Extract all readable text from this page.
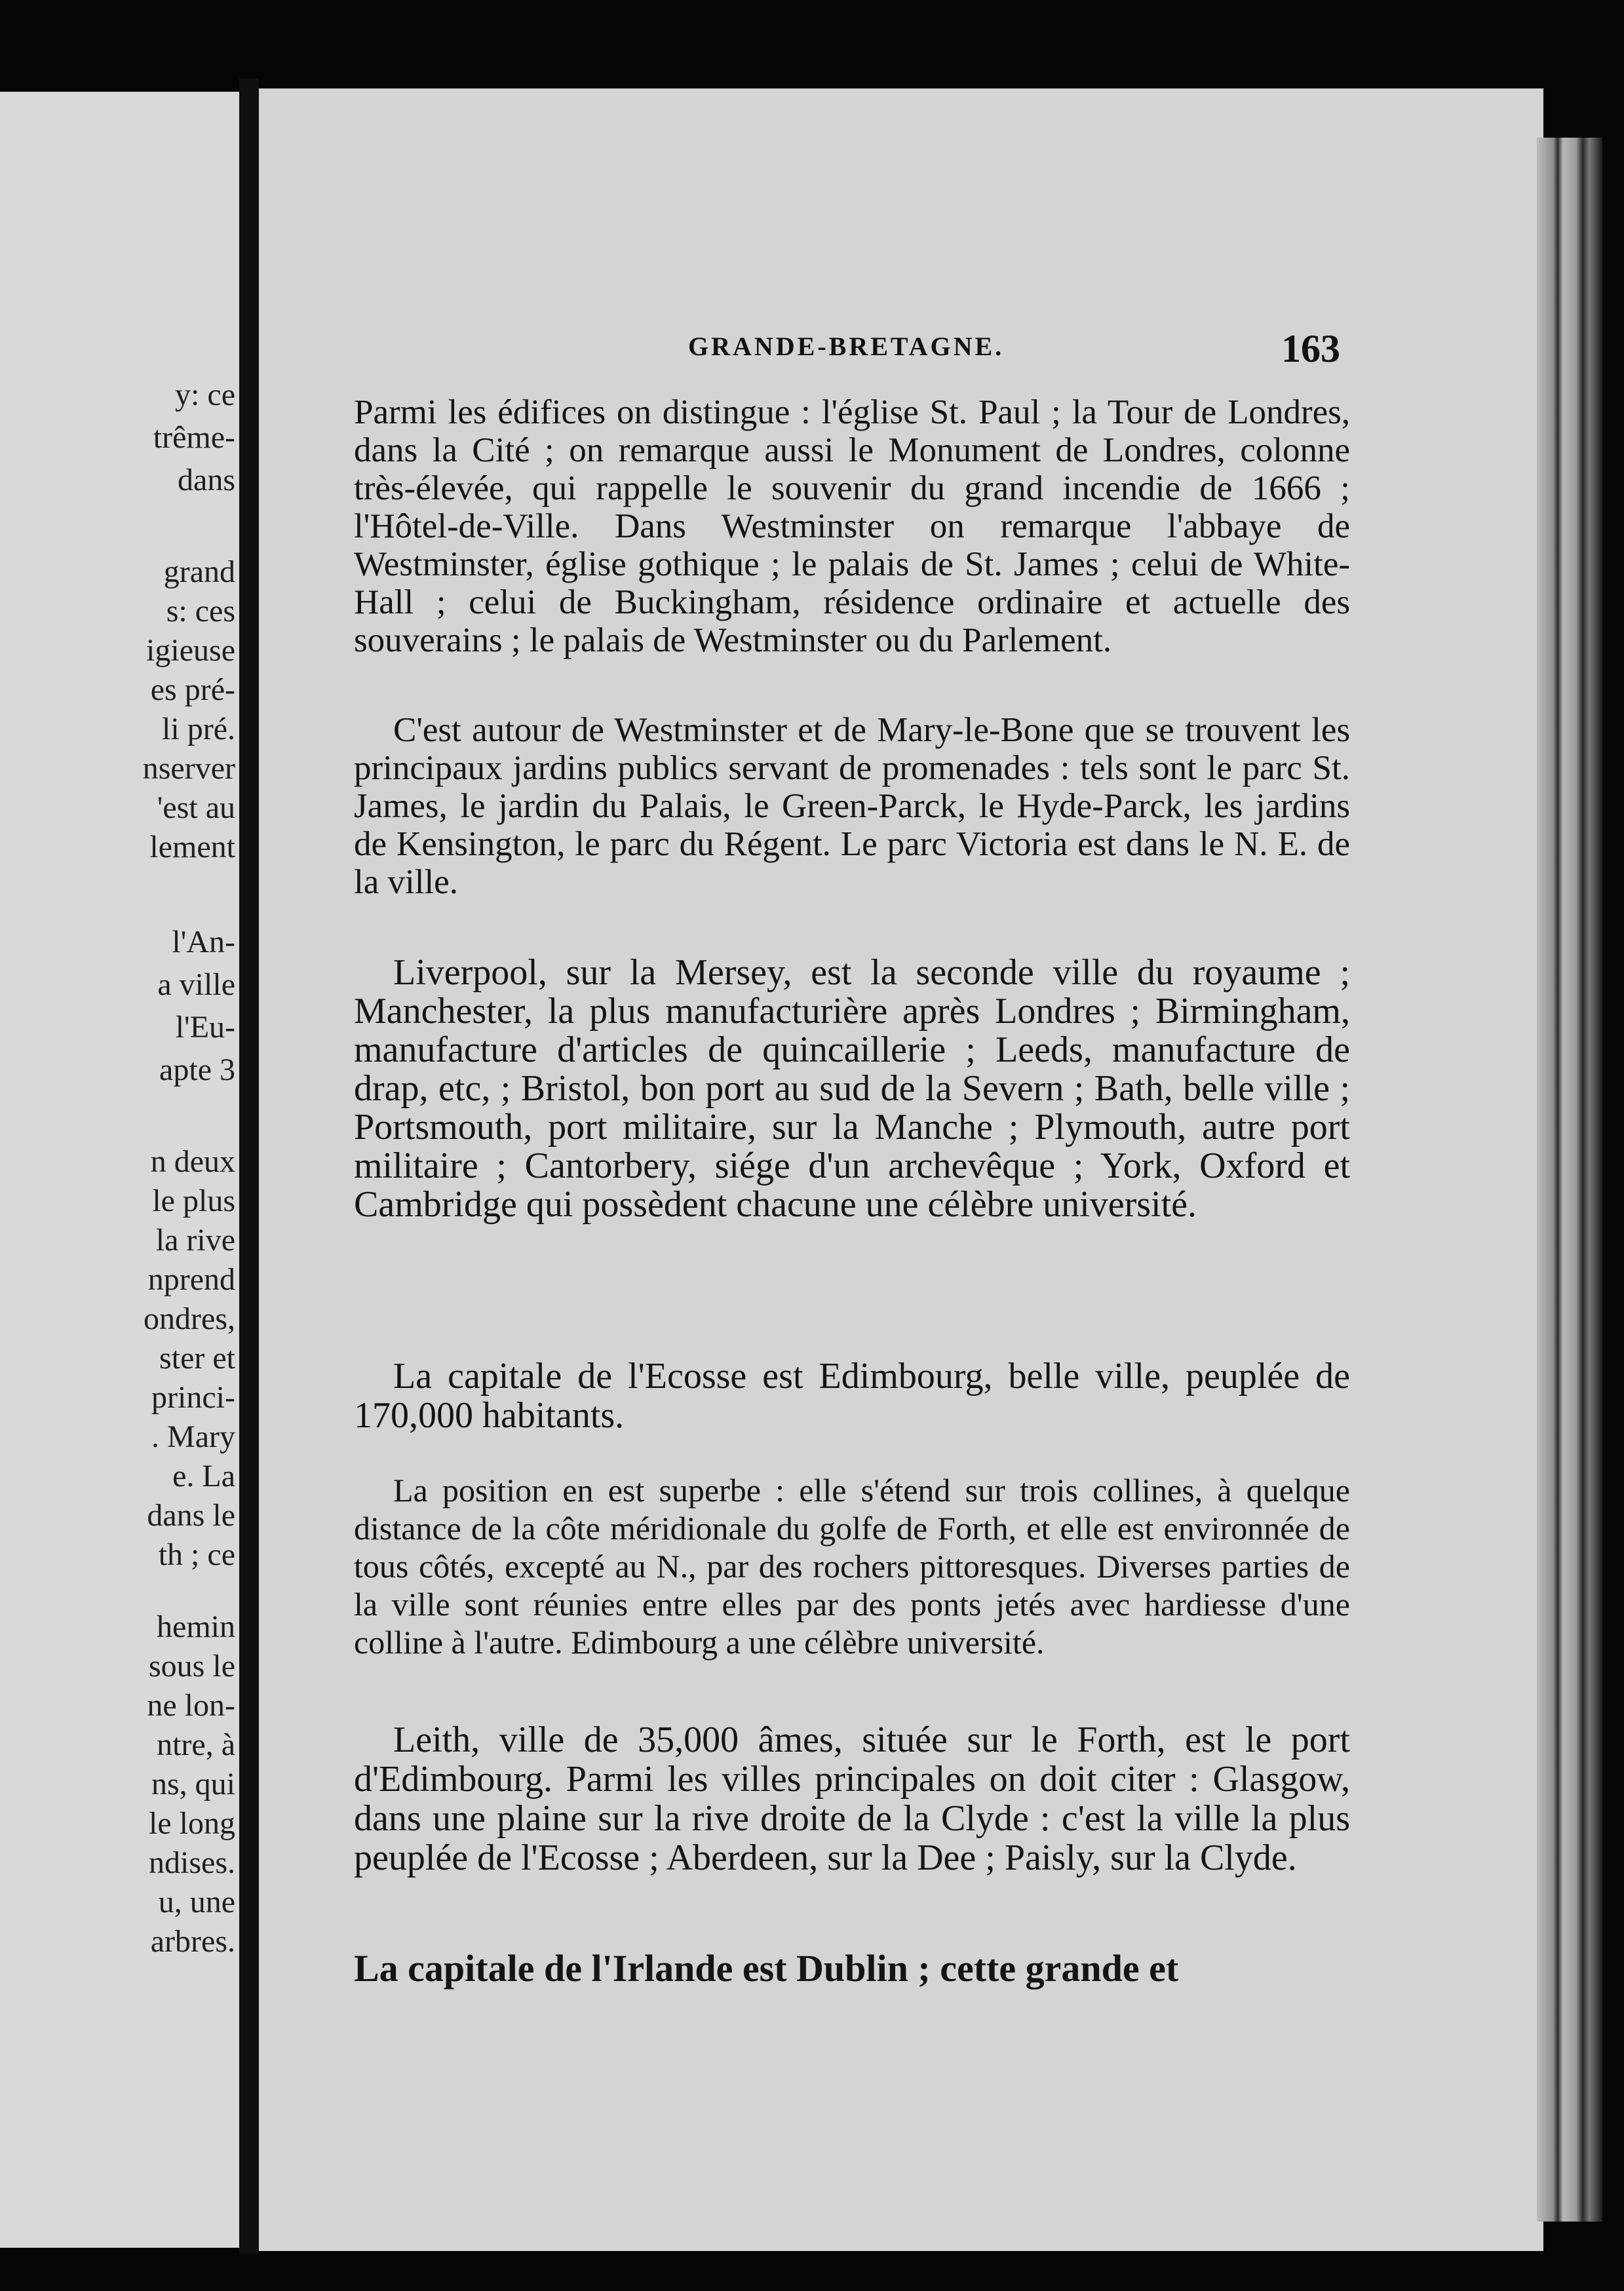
y: ce
trême-
dans
grand
s: ces
igieuse
es pré-
li pré.
nserver
'est au
lement
l'An-
a ville
l'Eu-
apte 3
n deux
le plus
la rive
nprend
ondres,
ster et
princi-
. Mary
e. La
dans le
th ; ce
hemin
sous le
ne lon-
ntre, à
ns, qui
le long
ndises.
u, une
arbres.
GRANDE-BRETAGNE.	163

Parmi les édifices on distingue : l'église St. Paul ; la Tour de Londres, dans la Cité ; on remarque aussi le Monument de Londres, colonne très-élevée, qui rappelle le souvenir du grand incendie de 1666 ; l'Hôtel-de-Ville. Dans Westminster on remarque l'abbaye de Westminster, église gothique ; le palais de St. James ; celui de White-Hall ; celui de Buckingham, résidence ordinaire et actuelle des souverains ; le palais de Westminster ou du Parlement.

C'est autour de Westminster et de Mary-le-Bone que se trouvent les principaux jardins publics servant de promenades : tels sont le parc St. James, le jardin du Palais, le Green-Parck, le Hyde-Parck, les jardins de Kensington, le parc du Régent. Le parc Victoria est dans le N. E. de la ville.

Liverpool, sur la Mersey, est la seconde ville du royaume ; Manchester, la plus manufacturière après Londres ; Birmingham, manufacture d'articles de quincaillerie ; Leeds, manufacture de drap, etc, ; Bristol, bon port au sud de la Severn ; Bath, belle ville ; Portsmouth, port militaire, sur la Manche ; Plymouth, autre port militaire ; Cantorbery, siége d'un archevêque ; York, Oxford et Cambridge qui possèdent chacune une célèbre université.

La capitale de l'Ecosse est Edimbourg, belle ville, peuplée de 170,000 habitants.

La position en est superbe : elle s'étend sur trois collines, à quelque distance de la côte méridionale du golfe de Forth, et elle est environnée de tous côtés, excepté au N., par des rochers pittoresques. Diverses parties de la ville sont réunies entre elles par des ponts jetés avec hardiesse d'une colline à l'autre. Edimbourg a une célèbre université.

Leith, ville de 35,000 âmes, située sur le Forth, est le port d'Edimbourg. Parmi les villes principales on doit citer : Glasgow, dans une plaine sur la rive droite de la Clyde : c'est la ville la plus peuplée de l'Ecosse ; Aberdeen, sur la Dee ; Paisly, sur la Clyde.

La capitale de l'Irlande est Dublin ; cette grande et
